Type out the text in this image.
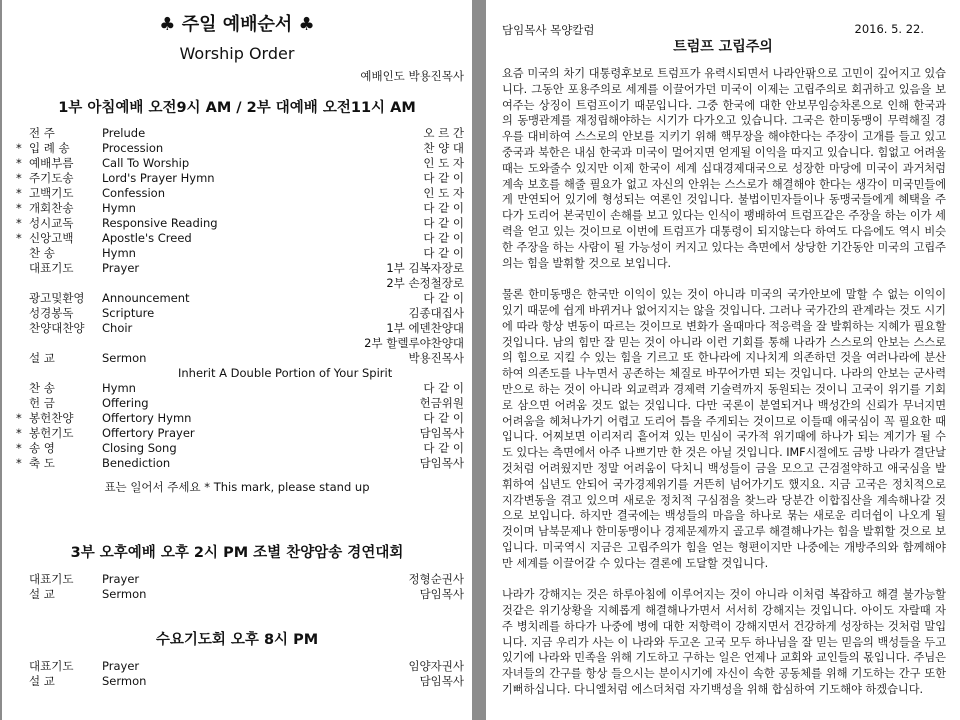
♣ 주일 예배순서 ♣
Worship Order
예배인도 박용진목사
1부 아침예배 오전9시 AM / 2부 대예배 오전11시 AM
전 주	Prelude	오 르 간
* 입 례 송	Procession	찬 양 대
* 예배부름	Call To Worship	인 도 자
* 주기도송	Lord's Prayer Hymn	다 같 이
* 고백기도	Confession	인 도 자
* 개회찬송	Hymn	다 같 이
* 성시교독	Responsive Reading	다 같 이
* 신앙고백	Apostle's Creed	다 같 이
찬 송	Hymn	다 같 이
대표기도	Prayer	1부 김복자장로
2부 손정철장로
광고및환영	Announcement	다 같 이
성경봉독	Scripture	김종대집사
찬양대찬양	Choir	1부 에덴찬양대
2부 할렐루야찬양대
설 교	Sermon	박용진목사
Inherit A Double Portion of Your Spirit
찬 송	Hymn	다 같 이
헌 금	Offering	헌금위원
* 봉헌찬양	Offertory Hymn	다 같 이
* 봉헌기도	Offertory Prayer	담임목사
* 송 영	Closing Song	다 같 이
* 축 도	Benediction	담임목사
표는 일어서 주세요 * This mark, please stand up
3부 오후예배 오후 2시 PM 조별 찬양암송 경연대회
대표기도	Prayer	정형순권사
설 교	Sermon	담임목사
수요기도회 오후 8시 PM
대표기도	Prayer	임양자권사
설 교	Sermon	담임목사
담임목사 목양칼럼	2016. 5. 22.
트럼프 고립주의

요즘 미국의 차기 대통령후보로 트럼프가 유력시되면서 나라안팎으로 고민이 깊어지고 있습니다. 그동안 포용주의로 세계를 이끌어가던 미국이 이제는 고립주의로 회귀하고 있음을 보여주는 상징이 트럼프이기 때문입니다. 그중 한국에 대한 안보무임승차론으로 인해 한국과의 동맹관계를 재정립해야하는 시기가 다가오고 있습니다. 그국은 한미동맹이 무력해질 경우를 대비하여 스스로의 안보를 지키기 위해 핵무장을 해야한다는 주장이 고개를 들고 있고 중국과 북한은 내심 한국과 미국이 멀어지면 얻게될 이익을 따지고 있습니다. 힘없고 어려울때는 도와줄수 있지만 이제 한국이 세계 십대경제대국으로 성장한 마당에 미국이 과거처럼 계속 보호를 해줄 필요가 없고 자신의 안위는 스스로가 해결해야 한다는 생각이 미국민들에게 만연되어 있기에 형성되는 여론인 것입니다. 불법이민자들이나 동맹국들에게 혜택을 주다가 도리어 본국민이 손해를 보고 있다는 인식이 팽배하여 트럼프같은 주장을 하는 이가 세력을 얻고 있는 것이므로 이번에 트럼프가 대통령이 되지않는다 하여도 다음에도 역시 비슷한 주장을 하는 사람이 될 가능성이 커지고 있다는 측면에서 상당한 기간동안 미국의 고립주의는 힘을 발휘할 것으로 보입니다.

물론 한미동맹은 한국만 이익이 있는 것이 아니라 미국의 국가안보에 말할 수 없는 이익이 있기 때문에 쉽게 바뀌거나 없어지지는 않을 것입니다. 그러나 국가간의 관계라는 것도 시기에 따라 항상 변동이 따르는 것이므로 변화가 올때마다 적응력을 잘 발휘하는 지혜가 필요할 것입니다. 남의 힘만 잘 믿는 것이 아니라 이런 기회를 통해 나라가 스스로의 안보는 스스로의 힘으로 지킬 수 있는 힘을 기르고 또 한나라에 지나치게 의존하던 것을 여러나라에 분산하여 의존도를 나누면서 공존하는 체질로 바꾸어가면 되는 것입니다. 나라의 안보는 군사력만으로 하는 것이 아니라 외교력과 경제력 기술력까지 동원되는 것이니 고국이 위기를 기회로 삼으면 어려움 것도 없는 것입니다. 다만 국론이 분열되거나 백성간의 신뢰가 무너지면 어려움을 헤쳐나가기 어렵고 도리어 틈을 주게되는 것이므로 이들때 애국심이 꼭 필요한 때입니다. 어찌보면 이리저리 흩어져 있는 민심이 국가적 위기때에 하나가 되는 계기가 될 수도 있다는 측면에서 아주 나쁘기만 한 것은 아닐 것입니다. IMF시절에도 금방 나라가 결단날 것처럼 어려웠지만 정말 어려움이 닥치니 백성들이 금을 모으고 근검절약하고 애국심을 발휘하여 십년도 안되어 국가경제위기를 거뜬히 넘어가기도 했지요. 지금 고국은 정치적으로 지각변동을 겪고 있으며 새로운 정치적 구심점을 찾느라 당분간 이합집산을 계속해나갈 것으로 보입니다. 하지만 결국에는 백성들의 마음을 하나로 묶는 새로운 리더쉽이 나오게 될 것이며 남북문제나 한미동맹이나 경제문제까지 골고루 해결해나가는 힘을 발휘할 것으로 보입니다. 미국역시 지금은 고립주의가 힘을 얻는 형편이지만 나중에는 개방주의와 함께해야만 세계를 이끌어갈 수 있다는 결론에 도달할 것입니다.

나라가 강해지는 것은 하루아침에 이루어지는 것이 아니라 이처럼 복잡하고 해결 불가능할 것같은 위기상황을 지혜롭게 해결해나가면서 서서히 강해지는 것입니다. 아이도 자랄때 자주 병치레를 하다가 나중에 병에 대한 저항력이 강해지면서 건강하게 성장하는 것처럼 말입니다. 지금 우리가 사는 이 나라와 두고온 고국 모두 하나님을 잘 믿는 믿음의 백성들을 두고 있기에 나라와 민족을 위해 기도하고 구하는 일은 언제나 교회와 교인들의 몫입니다. 주님은 자녀들의 간구를 항상 들으시는 분이시기에 자신이 속한 공동체를 위해 기도하는 간구 또한 기뻐하십니다. 다니엘처럼 에스더처럼 자기백성을 위해 합심하여 기도해야 하겠습니다.
